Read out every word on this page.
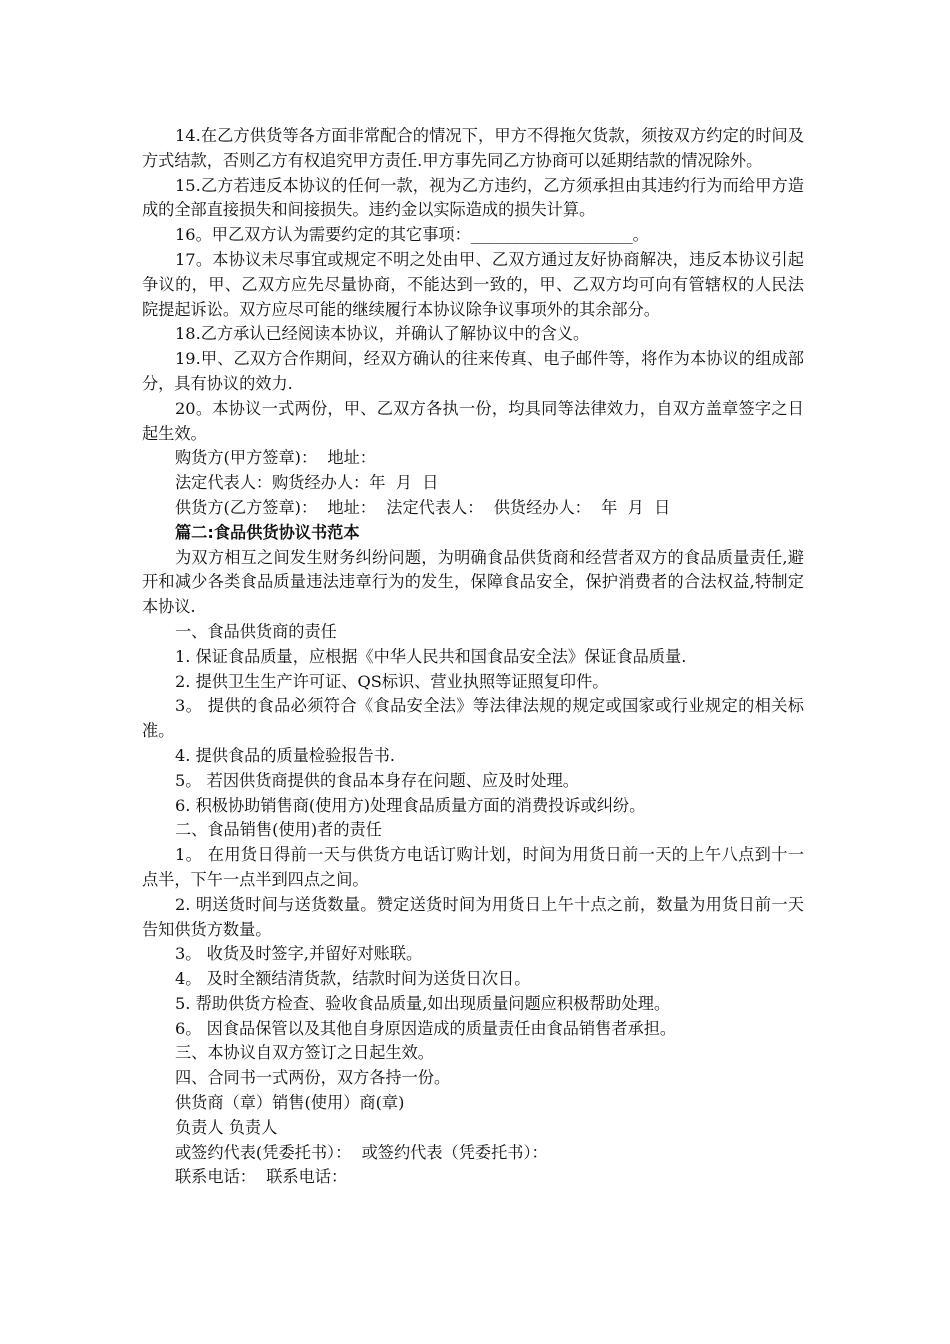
14.在乙方供货等各方面非常配合的情况下，甲方不得拖欠货款，须按双方约定的时间及方式结款，否则乙方有权追究甲方责任.甲方事先同乙方协商可以延期结款的情况除外。

15.乙方若违反本协议的任何一款，视为乙方违约，乙方须承担由其违约行为而给甲方造成的全部直接损失和间接损失。违约金以实际造成的损失计算。

16。甲乙双方认为需要约定的其它事项：____________________。

17。本协议未尽事宜或规定不明之处由甲、乙双方通过友好协商解决，违反本协议引起争议的，甲、乙双方应先尽量协商，不能达到一致的，甲、乙双方均可向有管辖权的人民法院提起诉讼。双方应尽可能的继续履行本协议除争议事项外的其余部分。

18.乙方承认已经阅读本协议，并确认了解协议中的含义。

19.甲、乙双方合作期间，经双方确认的往来传真、电子邮件等，将作为本协议的组成部分，具有协议的效力.

20。本协议一式两份，甲、乙双方各执一份，均具同等法律效力，自双方盖章签字之日起生效。

购货方(甲方签章)：  地址：

法定代表人：购货经办人：年  月  日

供货方(乙方签章)：  地址：  法定代表人：  供货经办人：  年  月  日

篇二:食品供货协议书范本

为双方相互之间发生财务纠纷问题，为明确食品供货商和经营者双方的食品质量责任,避开和减少各类食品质量违法违章行为的发生，保障食品安全，保护消费者的合法权益,特制定本协议.

一、食品供货商的责任

1. 保证食品质量，应根据《中华人民共和国食品安全法》保证食品质量.

2. 提供卫生生产许可证、QS标识、营业执照等证照复印件。

3。 提供的食品必须符合《食品安全法》等法律法规的规定或国家或行业规定的相关标准。

4. 提供食品的质量检验报告书.

5。 若因供货商提供的食品本身存在问题、应及时处理。

6. 积极协助销售商(使用方)处理食品质量方面的消费投诉或纠纷。

二、食品销售(使用)者的责任

1。 在用货日得前一天与供货方电话订购计划，时间为用货日前一天的上午八点到十一点半，下午一点半到四点之间。

2. 明送货时间与送货数量。赞定送货时间为用货日上午十点之前，数量为用货日前一天告知供货方数量。

3。 收货及时签字,并留好对账联。

4。 及时全额结清货款，结款时间为送货日次日。

5. 帮助供货方检查、验收食品质量,如出现质量问题应积极帮助处理。

6。 因食品保管以及其他自身原因造成的质量责任由食品销售者承担。

三、本协议自双方签订之日起生效。

四、合同书一式两份，双方各持一份。

供货商（章）销售(使用）商(章)

负责人 负责人

或签约代表(凭委托书）：  或签约代表（凭委托书）：

联系电话：  联系电话：
